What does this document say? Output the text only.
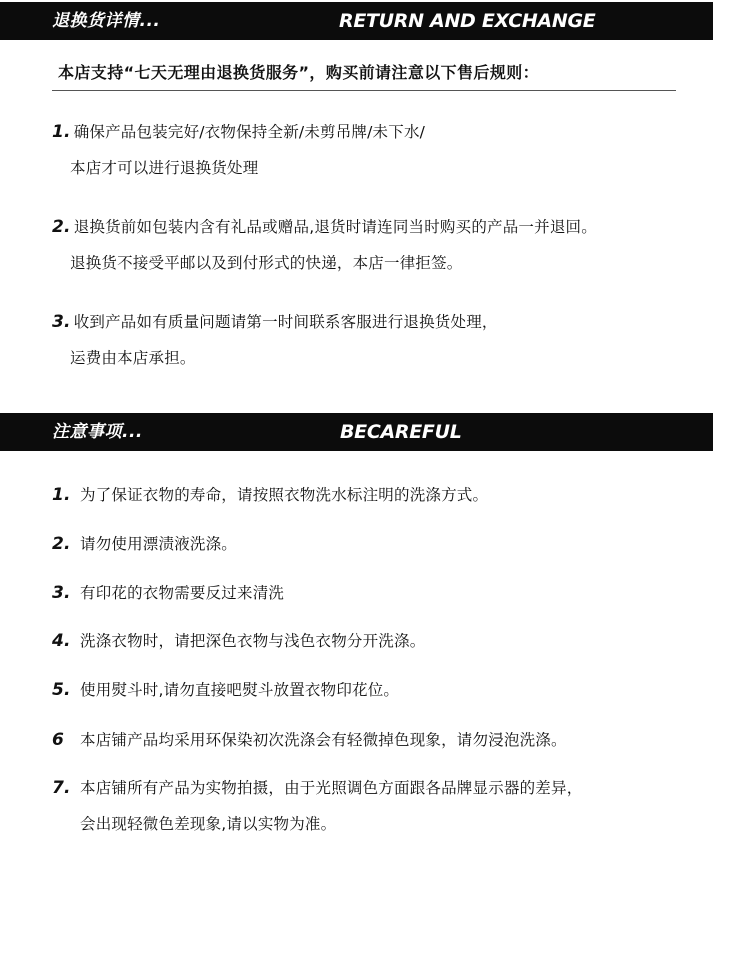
退换货详情...	RETURN AND EXCHANGE
本店支持“七天无理由退换货服务”，购买前请注意以下售后规则：
1. 确保产品包装完好/衣物保持全新/未剪吊牌/未下水/
本店才可以进行退换货处理
2. 退换货前如包装内含有礼品或赠品,退货时请连同当时购买的产品一并退回。
退换货不接受平邮以及到付形式的快递，本店一律拒签。
3. 收到产品如有质量问题请第一时间联系客服进行退换货处理，
运费由本店承担。
注意事项...	BECAREFUL
1. 为了保证衣物的寿命，请按照衣物洗水标注明的洗涤方式。
2. 请勿使用漂渍液洗涤。
3. 有印花的衣物需要反过来清洗
4. 洗涤衣物时，请把深色衣物与浅色衣物分开洗涤。
5. 使用熨斗时,请勿直接吧熨斗放置衣物印花位。
6 本店铺产品均采用环保染初次洗涤会有轻微掉色现象，请勿浸泡洗涤。
7. 本店铺所有产品为实物拍摄，由于光照调色方面跟各品牌显示器的差异，
会出现轻微色差现象,请以实物为准。
